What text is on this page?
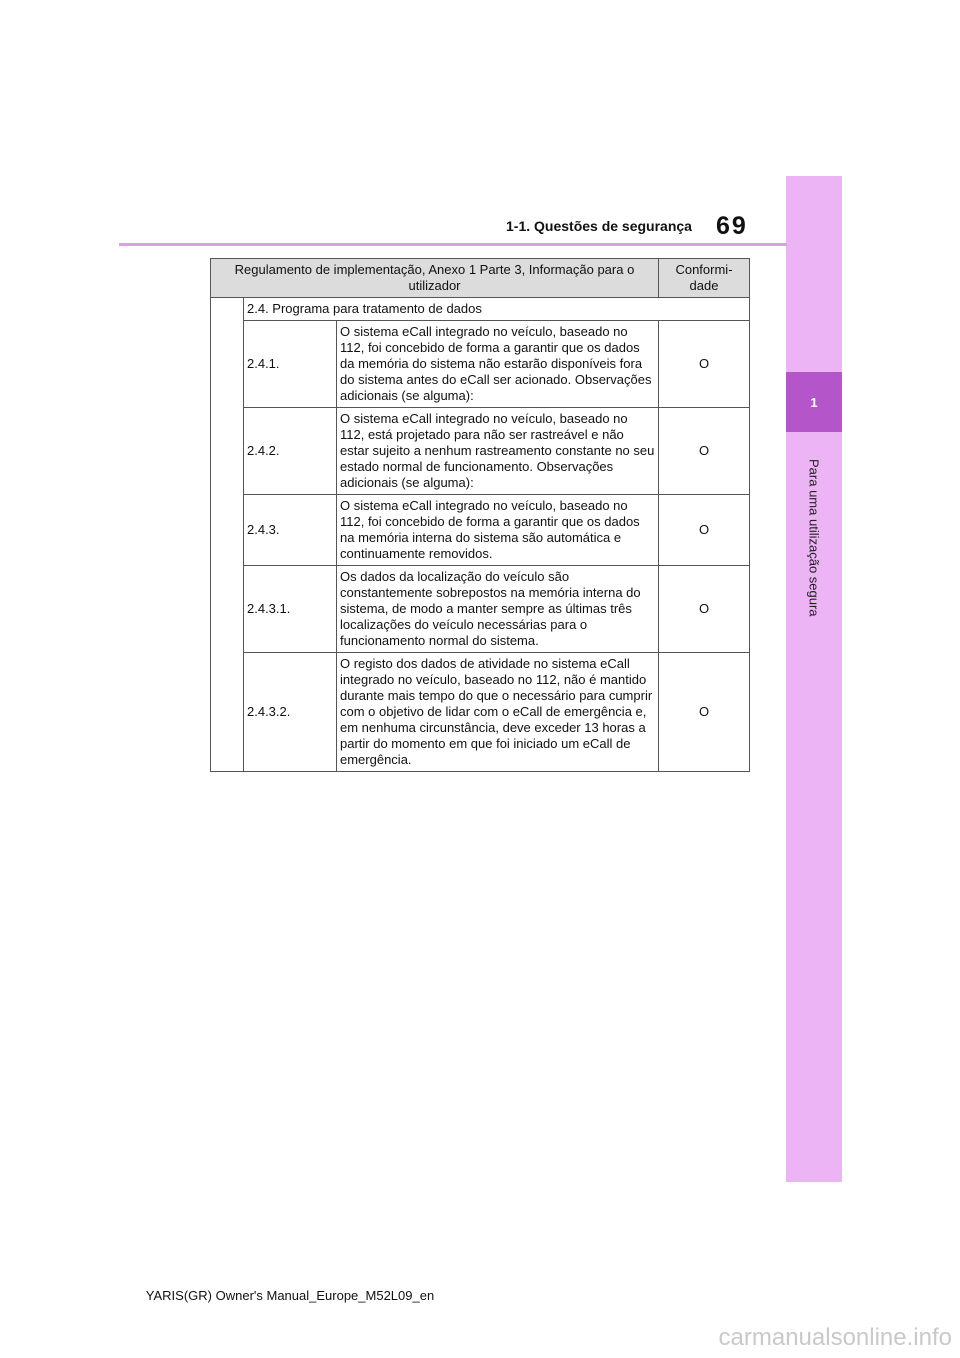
1
Para uma utilização segura
69
1-1. Questões de segurança
Regulamento de implementação, Anexo 1 Parte 3, Informação para o utilizador			Conformi-dade
	2.4. Programa para tratamento de dados		
	2.4.1.	O sistema eCall integrado no veículo, baseado no 112, foi concebido de forma a garantir que os dados da memória do sistema não estarão disponíveis fora do sistema antes do eCall ser acionado. Observações adicionais (se alguma):	O
	2.4.2.	O sistema eCall integrado no veículo, baseado no 112, está projetado para não ser rastreável e não estar sujeito a nenhum rastreamento constante no seu estado normal de funcionamento. Observações adicionais (se alguma):	O
	2.4.3.	O sistema eCall integrado no veículo, baseado no 112, foi concebido de forma a garantir que os dados na memória interna do sistema são automática e continuamente removidos.	O
	2.4.3.1.	Os dados da localização do veículo são constantemente sobrepostos na memória interna do sistema, de modo a manter sempre as últimas três localizações do veículo necessárias para o funcionamento normal do sistema.	O
	2.4.3.2.	O registo dos dados de atividade no sistema eCall integrado no veículo, baseado no 112, não é mantido durante mais tempo do que o necessário para cumprir com o objetivo de lidar com o eCall de emergência e, em nenhuma circunstância, deve exceder 13 horas a partir do momento em que foi iniciado um eCall de emergência.	O
YARIS(GR) Owner's Manual_Europe_M52L09_en
carmanualsonline.info
